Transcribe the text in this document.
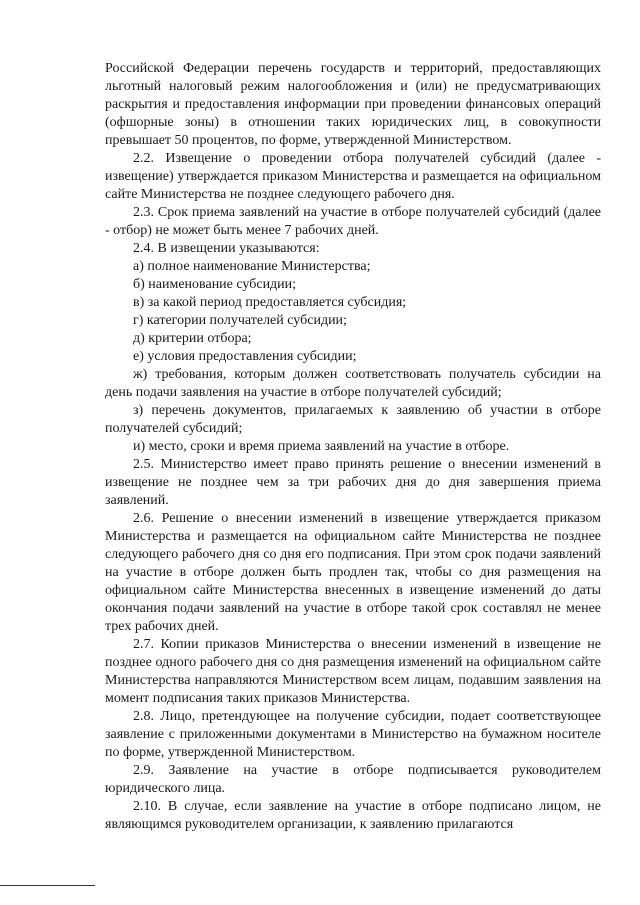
Российской Федерации перечень государств и территорий, предоставляющих льготный налоговый режим налогообложения и (или) не предусматривающих раскрытия и предоставления информации при проведении финансовых операций (офшорные зоны) в отношении таких юридических лиц, в совокупности превышает 50 процентов, по форме, утвержденной Министерством.

2.2. Извещение о проведении отбора получателей субсидий (далее - извещение) утверждается приказом Министерства и размещается на официальном сайте Министерства не позднее следующего рабочего дня.

2.3. Срок приема заявлений на участие в отборе получателей субсидий (далее - отбор) не может быть менее 7 рабочих дней.

2.4. В извещении указываются:

а) полное наименование Министерства;

б) наименование субсидии;

в) за какой период предоставляется субсидия;

г) категории получателей субсидии;

д) критерии отбора;

е) условия предоставления субсидии;

ж) требования, которым должен соответствовать получатель субсидии на день подачи заявления на участие в отборе получателей субсидий;

з) перечень документов, прилагаемых к заявлению об участии в отборе получателей субсидий;

и) место, сроки и время приема заявлений на участие в отборе.

2.5. Министерство имеет право принять решение о внесении изменений в извещение не позднее чем за три рабочих дня до дня завершения приема заявлений.

2.6. Решение о внесении изменений в извещение утверждается приказом Министерства и размещается на официальном сайте Министерства не позднее следующего рабочего дня со дня его подписания. При этом срок подачи заявлений на участие в отборе должен быть продлен так, чтобы со дня размещения на официальном сайте Министерства внесенных в извещение изменений до даты окончания подачи заявлений на участие в отборе такой срок составлял не менее трех рабочих дней.

2.7. Копии приказов Министерства о внесении изменений в извещение не позднее одного рабочего дня со дня размещения изменений на официальном сайте Министерства направляются Министерством всем лицам, подавшим заявления на момент подписания таких приказов Министерства.

2.8. Лицо, претендующее на получение субсидии, подает соответствующее заявление с приложенными документами в Министерство на бумажном носителе по форме, утвержденной Министерством.

2.9. Заявление на участие в отборе подписывается руководителем юридического лица.

2.10. В случае, если заявление на участие в отборе подписано лицом, не являющимся руководителем организации, к заявлению прилагаются
